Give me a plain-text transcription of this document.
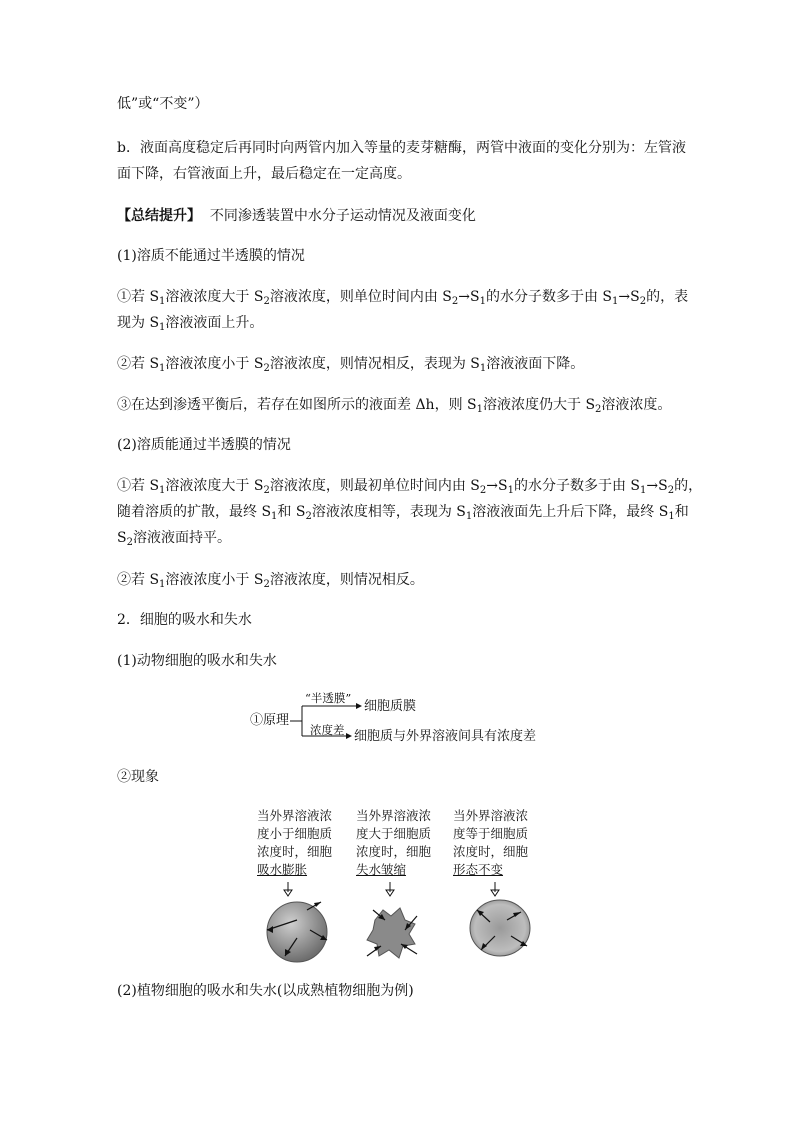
低”或“不变”）
b．液面高度稳定后再同时向两管内加入等量的麦芽糖酶，两管中液面的变化分别为：左管液
面下降，右管液面上升，最后稳定在一定高度。
【总结提升】 不同渗透装置中水分子运动情况及液面变化
(1)溶质不能通过半透膜的情况
①若 $S_1$溶液浓度大于 $S_2$溶液浓度，则单位时间内由 $S_2\to S_1$的水分子数多于由 $S_1\to S_2$的，表
现为 $S_1$溶液液面上升。
②若 $S_1$溶液浓度小于 $S_2$溶液浓度，则情况相反，表现为 $S_1$溶液液面下降。
③在达到渗透平衡后，若存在如图所示的液面差 Δh，则 $S_1$溶液浓度仍大于 $S_2$溶液浓度。
(2)溶质能通过半透膜的情况
①若 $S_1$溶液浓度大于 $S_2$溶液浓度，则最初单位时间内由 $S_2\to S_1$的水分子数多于由 $S_1\to S_2$的，
随着溶质的扩散，最终 $S_1$和 $S_2$溶液浓度相等，表现为 $S_1$溶液液面先上升后下降，最终 $S_1$和
$S_2$溶液液面持平。
②若 $S_1$溶液浓度小于 $S_2$溶液浓度，则情况相反。
2．细胞的吸水和失水
(1)动物细胞的吸水和失水
①原理
“半透膜”
细胞质膜
浓度差 细胞质与外界溶液间具有浓度差
②现象
当外界溶液浓
度小于细胞质
浓度时，细胞
吸水膨胀
当外界溶液浓
度大于细胞质
浓度时，细胞
失水皱缩
当外界溶液浓
度等于细胞质
浓度时，细胞
形态不变
(2)植物细胞的吸水和失水(以成熟植物细胞为例)
